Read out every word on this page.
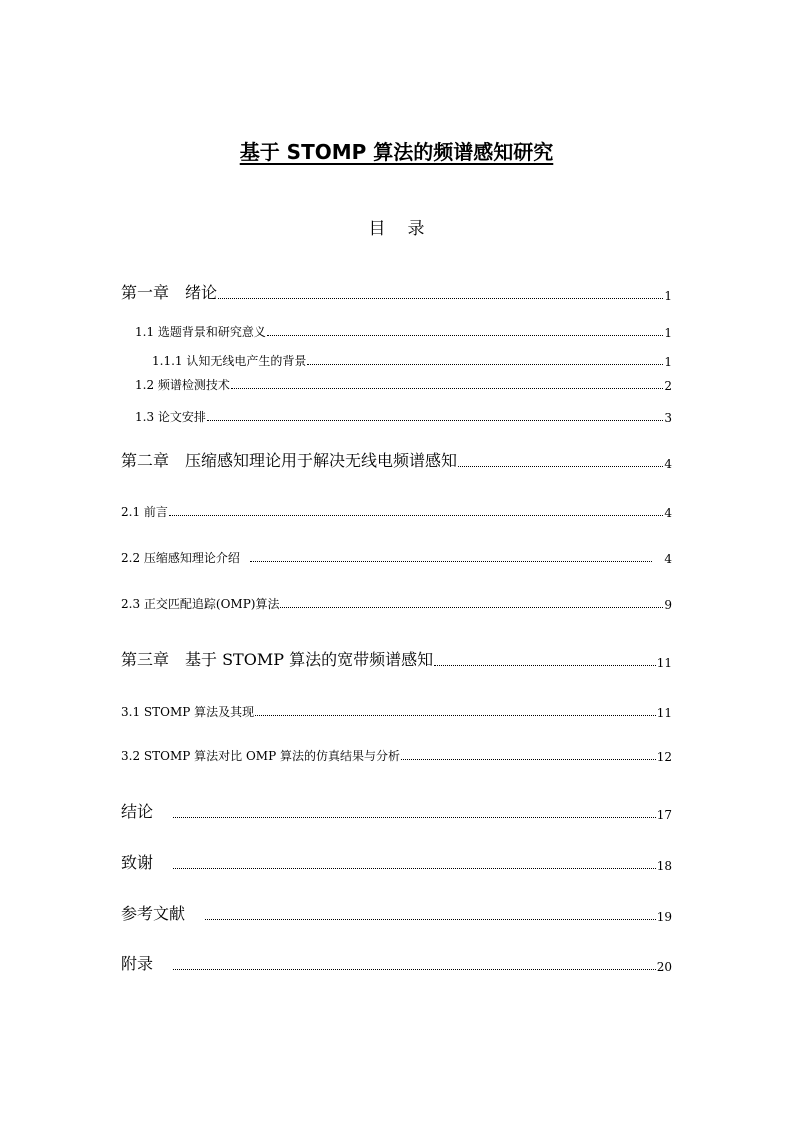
基于 STOMP 算法的频谱感知研究
目录
第一章　绪论	1
1.1 选题背景和研究意义	1
1.1.1 认知无线电产生的背景	1
1.2 频谱检测技术	2
1.3 论文安排	3
第二章　压缩感知理论用于解决无线电频谱感知	4
2.1 前言	4
2.2 压缩感知理论介绍	4
2.3 正交匹配追踪(OMP)算法	9
第三章　基于 STOMP 算法的宽带频谱感知	11
3.1 STOMP 算法及其现	11
3.2 STOMP 算法对比 OMP 算法的仿真结果与分析	12
结论	17
致谢	18
参考文献	19
附录	20
